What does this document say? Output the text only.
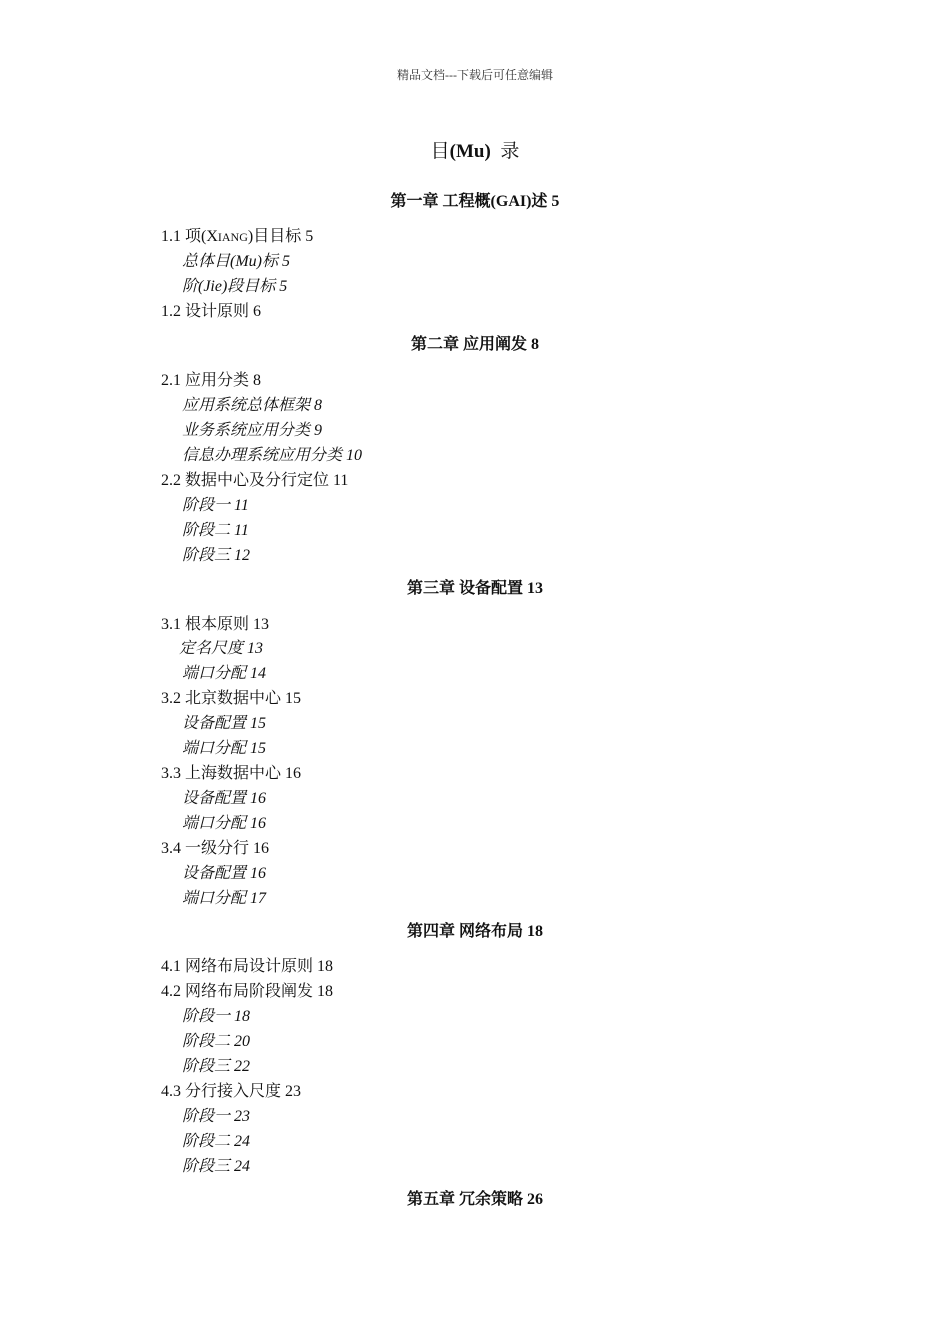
精品文档---下载后可任意编辑
目(Mu)  录
第一章 工程概(GAI)述 5
1.1 项(XIANG)目目标 5
总体目(Mu)标 5
阶(Jie)段目标 5
1.2 设计原则 6
第二章 应用阐发 8
2.1 应用分类 8
应用系统总体框架 8
业务系统应用分类 9
信息办理系统应用分类 10
2.2 数据中心及分行定位 11
阶段一 11
阶段二 11
阶段三 12
第三章 设备配置 13
3.1 根本原则 13
定名尺度 13
端口分配 14
3.2 北京数据中心 15
设备配置 15
端口分配 15
3.3 上海数据中心 16
设备配置 16
端口分配 16
3.4 一级分行 16
设备配置 16
端口分配 17
第四章 网络布局 18
4.1 网络布局设计原则 18
4.2 网络布局阶段阐发 18
阶段一 18
阶段二 20
阶段三 22
4.3 分行接入尺度 23
阶段一 23
阶段二 24
阶段三 24
第五章 冗余策略 26
